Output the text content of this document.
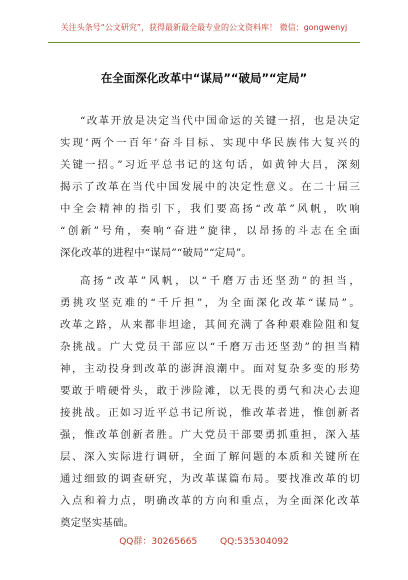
关注头条号“公文研究”，获得最新最全最专业的公文资料库！ 微信：gongwenyj
在全面深化改革中“谋局”“破局”“定局”
“改革开放是决定当代中国命运的关键一招，也是决定
实现‘两个一百年’奋斗目标、实现中华民族伟大复兴的
关键一招。”习近平总书记的这句话，如黄钟大吕，深刻
揭示了改革在当代中国发展中的决定性意义。在二十届三
中全会精神的指引下，我们要高扬“改革”风帆，吹响
“创新”号角，奏响“奋进”旋律，以昂扬的斗志在全面
深化改革的进程中“谋局”“破局”“定局”。
高扬“改革”风帆，以“千磨万击还坚劲”的担当，
勇挑攻坚克难的“千斤担”，为全面深化改革“谋局”。
改革之路，从来都非坦途，其间充满了各种艰难险阻和复
杂挑战。广大党员干部应以“千磨万击还坚劲”的担当精
神，主动投身到改革的澎湃浪潮中。面对复杂多变的形势
要敢于啃硬骨头，敢于涉险滩，以无畏的勇气和决心去迎
接挑战。正如习近平总书记所说，惟改革者进，惟创新者
强，惟改革创新者胜。广大党员干部要勇抓重担，深入基
层、深入实际进行调研，全面了解问题的本质和关键所在
通过细致的调查研究，为改革谋篇布局。要找准改革的切
入点和着力点，明确改革的方向和重点，为全面深化改革
奠定坚实基础。
QQ群：30265665	QQ:535304092
